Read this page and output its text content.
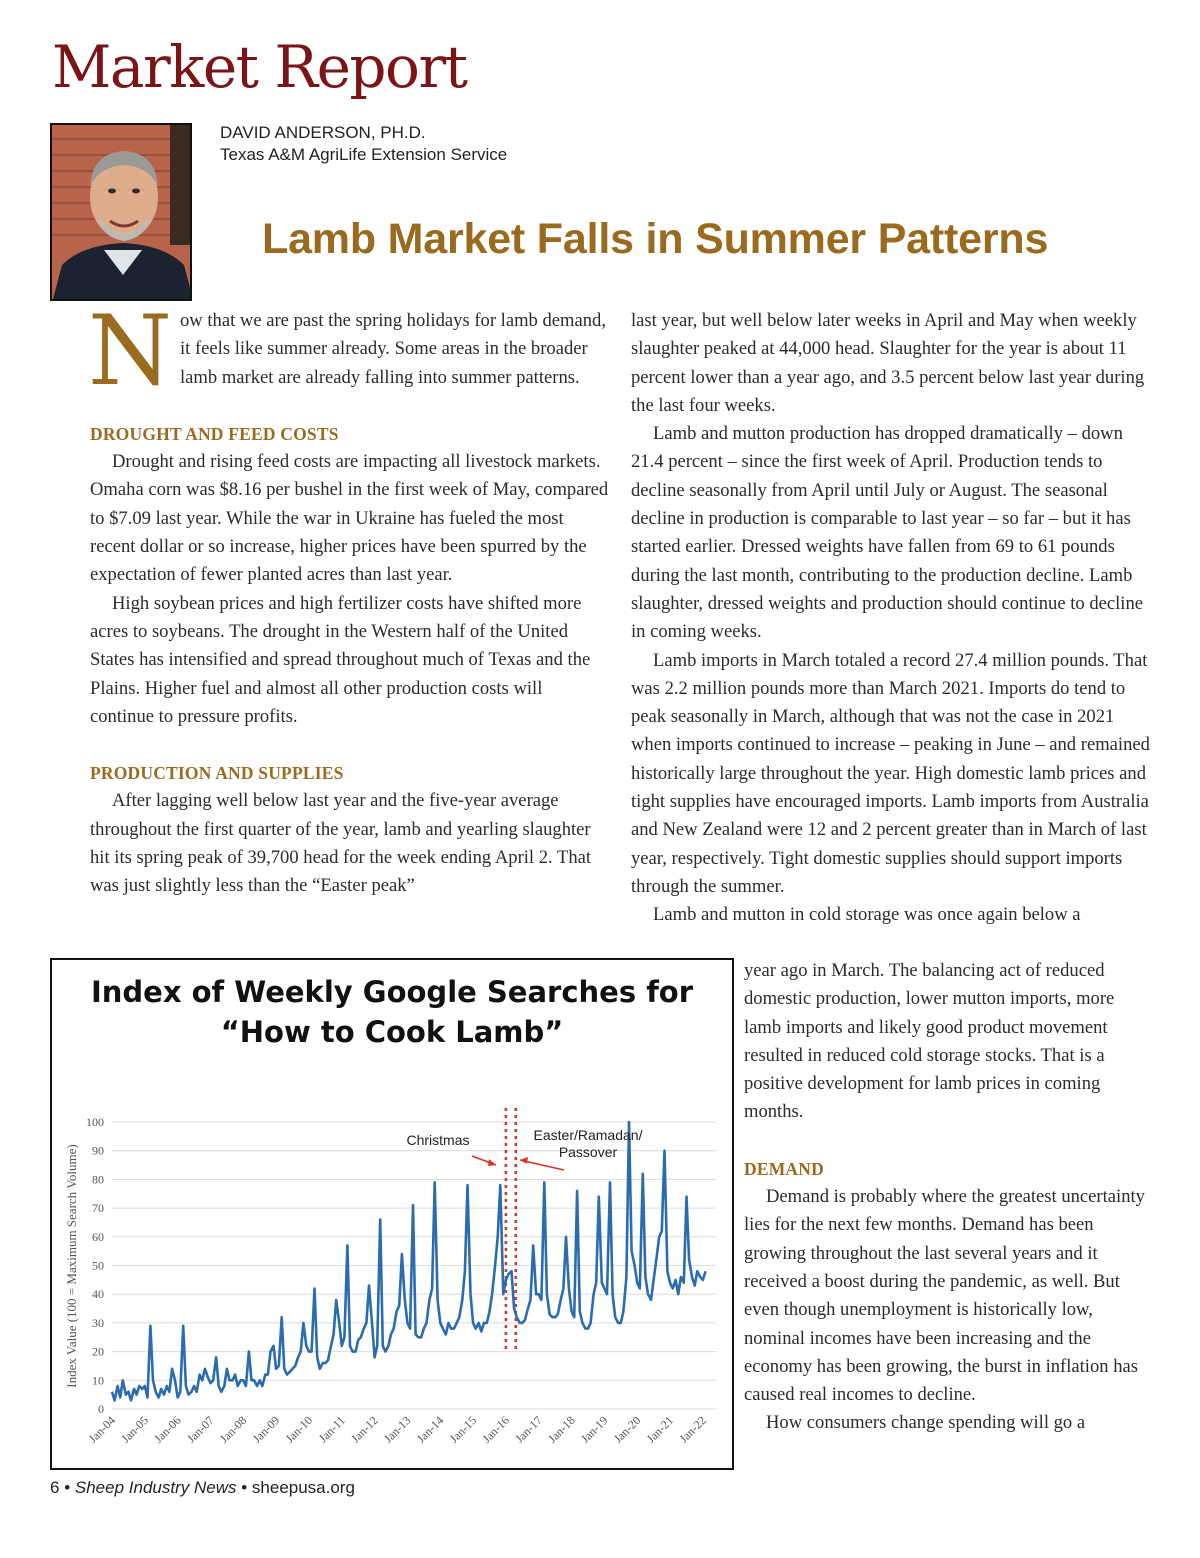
Market Report
DAVID ANDERSON, PH.D.
Texas A&M AgriLife Extension Service
Lamb Market Falls in Summer Patterns

Now that we are past the spring holidays for lamb demand, it feels like summer already. Some areas in the broader lamb market are already falling into summer patterns.

DROUGHT AND FEED COSTS

Drought and rising feed costs are impacting all livestock markets. Omaha corn was $8.16 per bushel in the first week of May, compared to $7.09 last year. While the war in Ukraine has fueled the most recent dollar or so increase, higher prices have been spurred by the expectation of fewer planted acres than last year.

High soybean prices and high fertilizer costs have shifted more acres to soybeans. The drought in the Western half of the United States has intensified and spread throughout much of Texas and the Plains. Higher fuel and almost all other production costs will continue to pressure profits.

PRODUCTION AND SUPPLIES

After lagging well below last year and the five-year average throughout the first quarter of the year, lamb and yearling slaughter hit its spring peak of 39,700 head for the week ending April 2. That was just slightly less than the “Easter peak”

last year, but well below later weeks in April and May when weekly slaughter peaked at 44,000 head. Slaughter for the year is about 11 percent lower than a year ago, and 3.5 percent below last year during the last four weeks.

Lamb and mutton production has dropped dramatically – down 21.4 percent – since the first week of April. Production tends to decline seasonally from April until July or August. The seasonal decline in production is comparable to last year – so far – but it has started earlier. Dressed weights have fallen from 69 to 61 pounds during the last month, contributing to the production decline. Lamb slaughter, dressed weights and production should continue to decline in coming weeks.

Lamb imports in March totaled a record 27.4 million pounds. That was 2.2 million pounds more than March 2021. Imports do tend to peak seasonally in March, although that was not the case in 2021 when imports continued to increase – peaking in June – and remained historically large throughout the year. High domestic lamb prices and tight supplies have encouraged imports. Lamb imports from Australia and New Zealand were 12 and 2 percent greater than in March of last year, respectively. Tight domestic supplies should support imports through the summer.

Lamb and mutton in cold storage was once again below a

year ago in March. The balancing act of reduced domestic production, lower mutton imports, more lamb imports and likely good product movement resulted in reduced cold storage stocks. That is a positive development for lamb prices in coming months.

DEMAND

Demand is probably where the greatest uncertainty lies for the next few months. Demand has been growing throughout the last several years and it received a boost during the pandemic, as well. But even though unemployment is historically low, nominal incomes have been increasing and the economy has been growing, the burst in inflation has caused real incomes to decline.

How consumers change spending will go a

Index of Weekly Google Searches for
“How to Cook Lamb”
Index Value (100 = Maximum Search Volume)
0
10
20
30
40
50
60
70
80
90
100
Jan-04 Jan-05 Jan-06 Jan-07 Jan-08 Jan-09 Jan-10 Jan-11 Jan-12 Jan-13 Jan-14 Jan-15 Jan-16 Jan-17 Jan-18 Jan-19 Jan-20 Jan-21 Jan-22
Christmas	Easter/Ramadan/
Passover
6 • Sheep Industry News • sheepusa.org
